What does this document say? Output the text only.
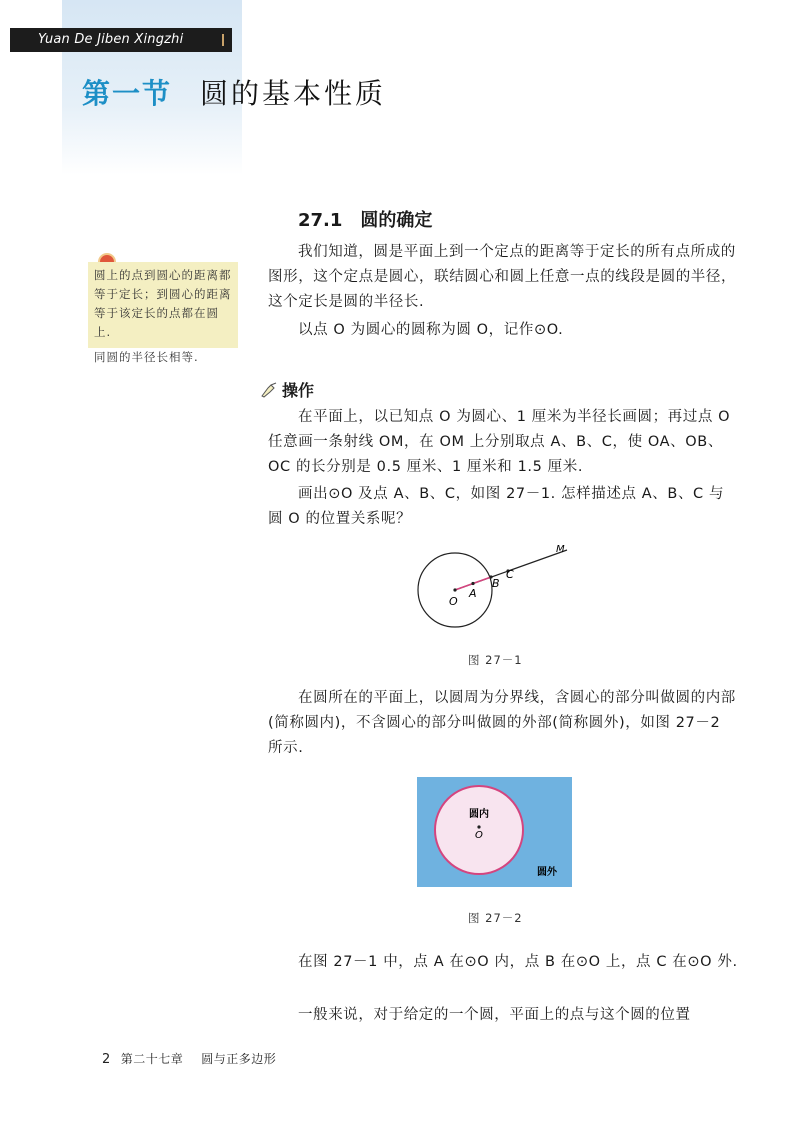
Yuan De Jiben Xingzhi
第一节 圆的基本性质
27.1 圆的确定
圆上的点到圆心的距离都等于定长；到圆心的距离等于该定长的点都在圆上.
同圆的半径长相等.
我们知道，圆是平面上到一个定点的距离等于定长的所有点所成的图形，这个定点是圆心，联结圆心和圆上任意一点的线段是圆的半径，这个定长是圆的半径长.
以点 O 为圆心的圆称为圆 O，记作⊙O.
操作
在平面上，以已知点 O 为圆心、1 厘米为半径长画圆；再过点 O 任意画一条射线 OM，在 OM 上分别取点 A、B、C，使 OA、OB、OC 的长分别是 0.5 厘米、1 厘米和 1.5 厘米.
画出⊙O 及点 A、B、C，如图 27－1. 怎样描述点 A、B、C 与圆 O 的位置关系呢？
O
A
B
C
M
图 27－1
在圆所在的平面上，以圆周为分界线，含圆心的部分叫做圆的内部(简称圆内)，不含圆心的部分叫做圆的外部(简称圆外)，如图 27－2 所示.
圆内
O
圆外
图 27－2
在图 27－1 中，点 A 在⊙O 内，点 B 在⊙O 上，点 C 在⊙O 外.
一般来说，对于给定的一个圆，平面上的点与这个圆的位置
2 第二十七章 圆与正多边形
